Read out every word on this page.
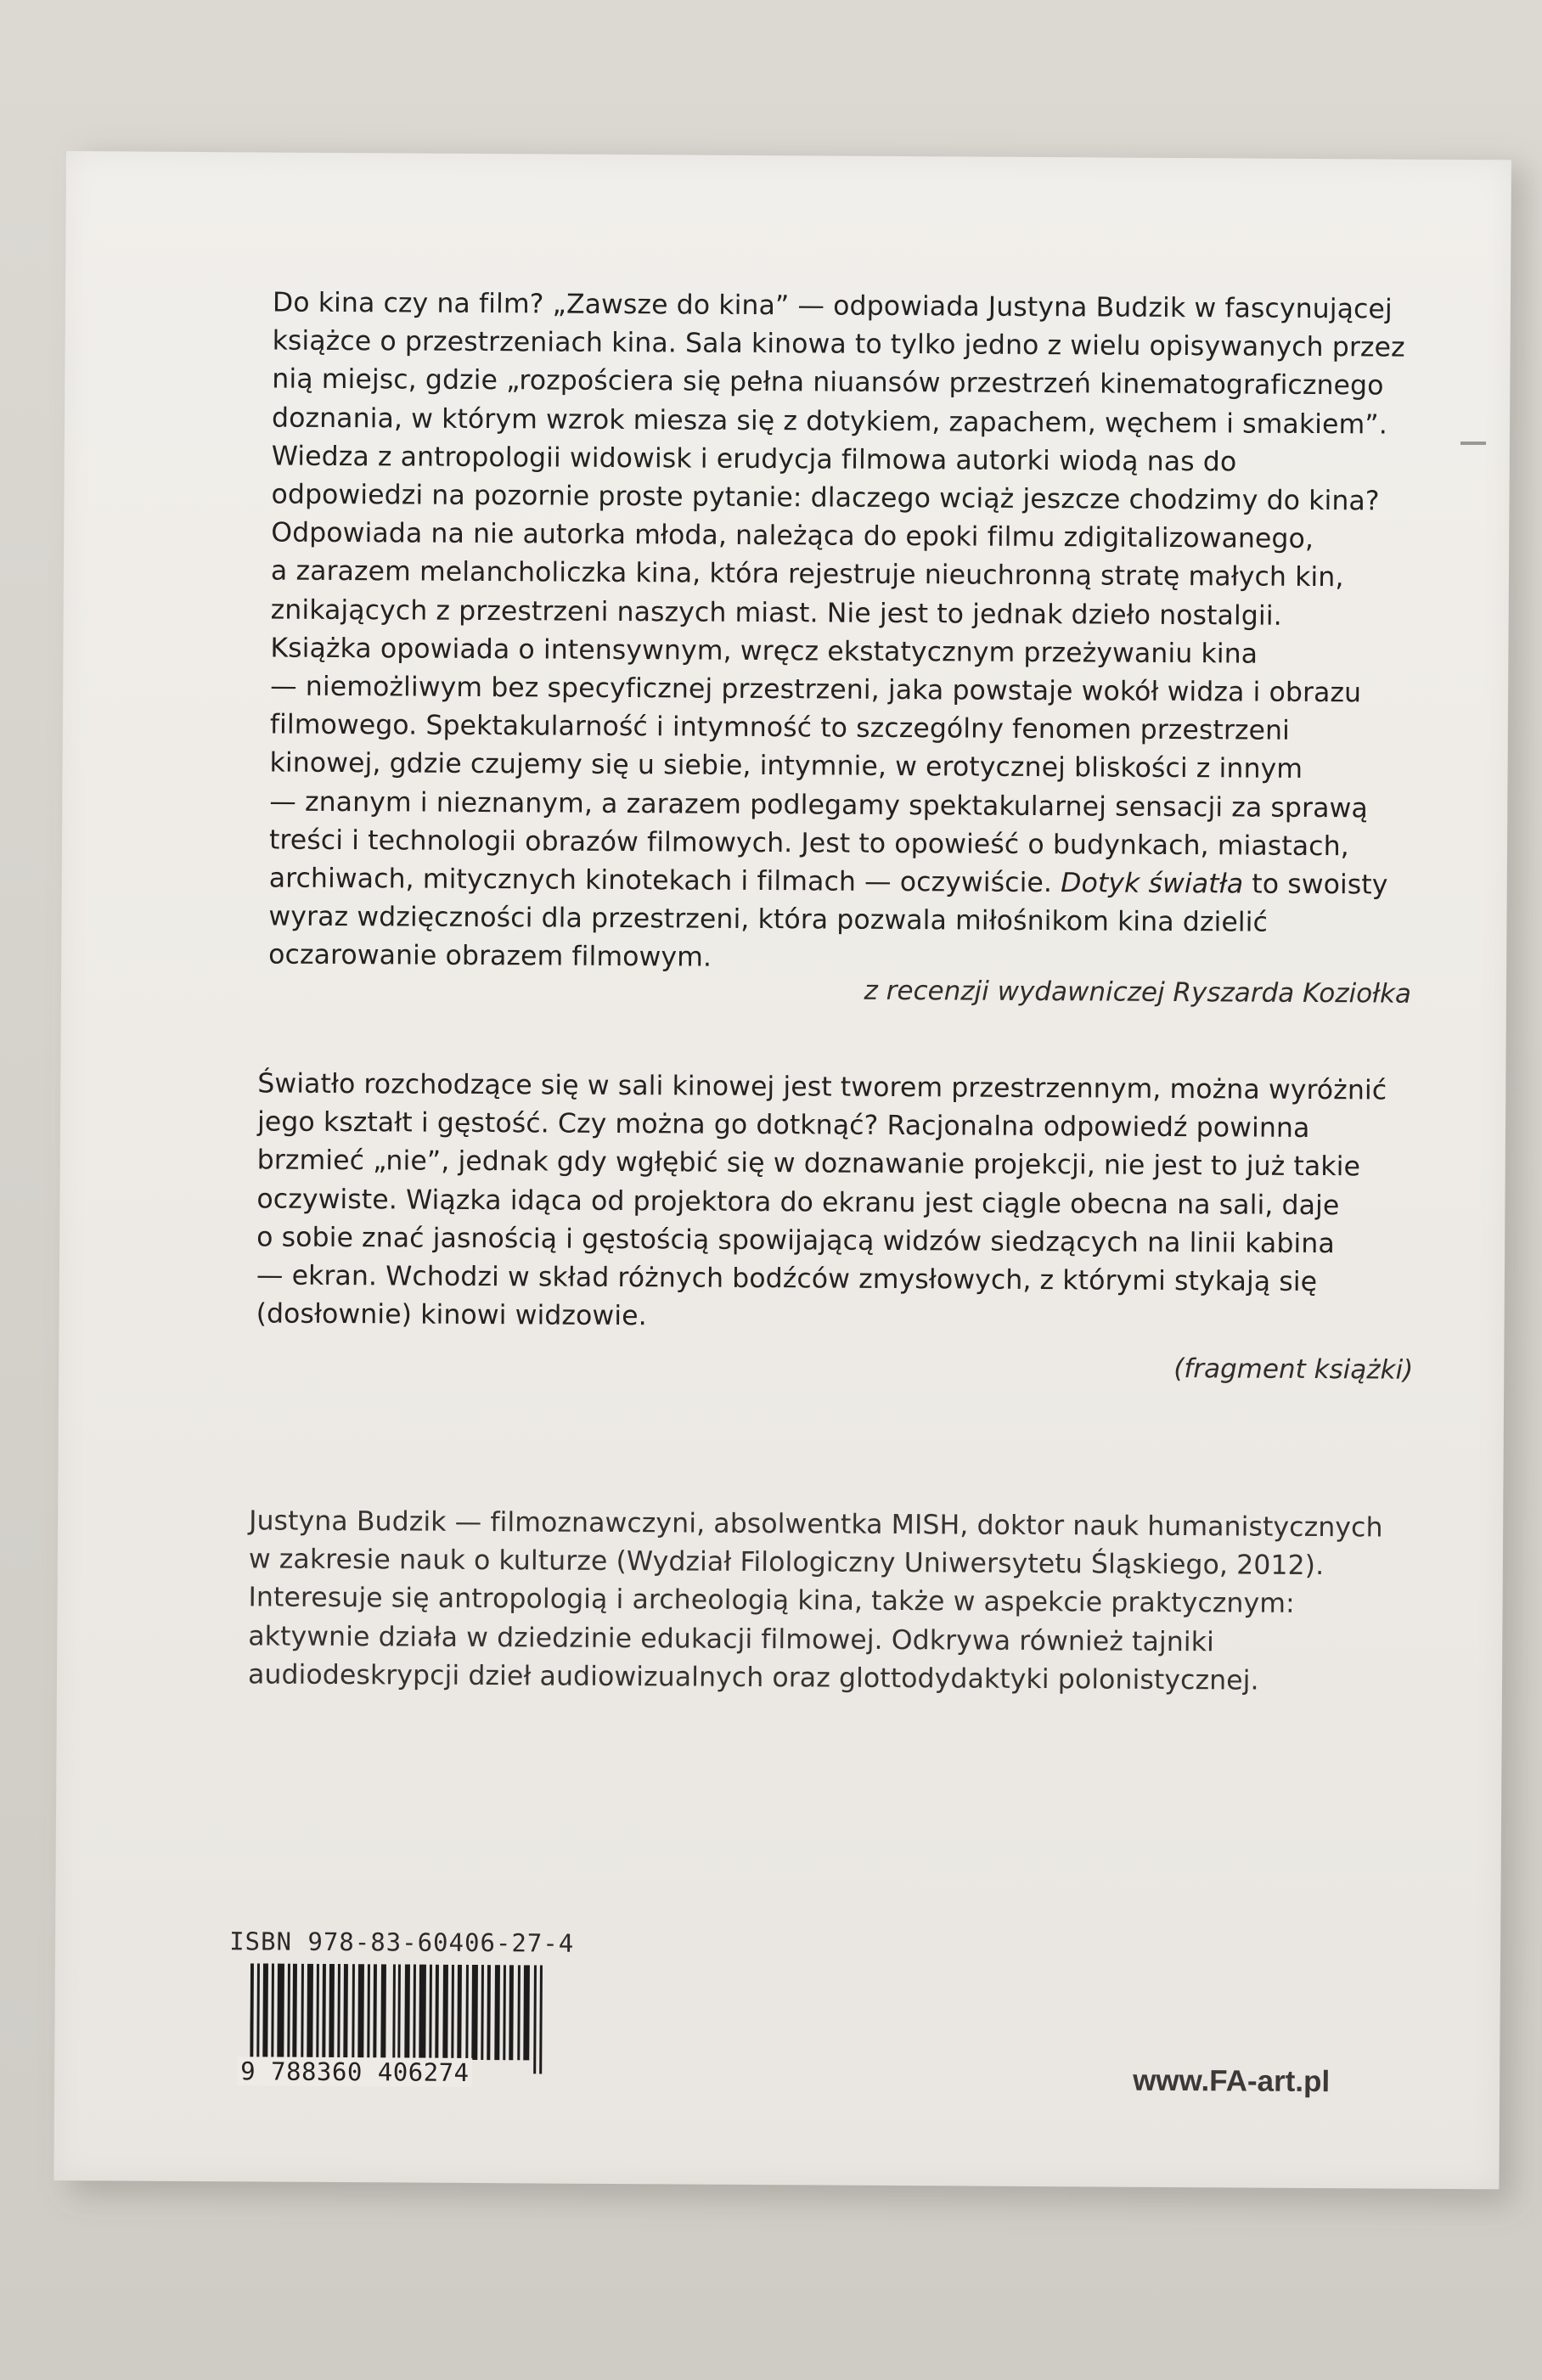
Do kina czy na film? „Zawsze do kina” — odpowiada Justyna Budzik w fascynującej
książce o przestrzeniach kina. Sala kinowa to tylko jedno z wielu opisywanych przez
nią miejsc, gdzie „rozpościera się pełna niuansów przestrzeń kinematograficznego
doznania, w którym wzrok miesza się z dotykiem, zapachem, węchem i smakiem”.
Wiedza z antropologii widowisk i erudycja filmowa autorki wiodą nas do
odpowiedzi na pozornie proste pytanie: dlaczego wciąż jeszcze chodzimy do kina?
Odpowiada na nie autorka młoda, należąca do epoki filmu zdigitalizowanego,
a zarazem melancholiczka kina, która rejestruje nieuchronną stratę małych kin,
znikających z przestrzeni naszych miast. Nie jest to jednak dzieło nostalgii.
Książka opowiada o intensywnym, wręcz ekstatycznym przeżywaniu kina
— niemożliwym bez specyficznej przestrzeni, jaka powstaje wokół widza i obrazu
filmowego. Spektakularność i intymność to szczególny fenomen przestrzeni
kinowej, gdzie czujemy się u siebie, intymnie, w erotycznej bliskości z innym
— znanym i nieznanym, a zarazem podlegamy spektakularnej sensacji za sprawą
treści i technologii obrazów filmowych. Jest to opowieść o budynkach, miastach,
archiwach, mitycznych kinotekach i filmach — oczywiście. Dotyk światła to swoisty
wyraz wdzięczności dla przestrzeni, która pozwala miłośnikom kina dzielić
oczarowanie obrazem filmowym.
z recenzji wydawniczej Ryszarda Koziołka
Światło rozchodzące się w sali kinowej jest tworem przestrzennym, można wyróżnić
jego kształt i gęstość. Czy można go dotknąć? Racjonalna odpowiedź powinna
brzmieć „nie”, jednak gdy wgłębić się w doznawanie projekcji, nie jest to już takie
oczywiste. Wiązka idąca od projektora do ekranu jest ciągle obecna na sali, daje
o sobie znać jasnością i gęstością spowijającą widzów siedzących na linii kabina
— ekran. Wchodzi w skład różnych bodźców zmysłowych, z którymi stykają się
(dosłownie) kinowi widzowie.
(fragment książki)
Justyna Budzik — filmoznawczyni, absolwentka MISH, doktor nauk humanistycznych
w zakresie nauk o kulturze (Wydział Filologiczny Uniwersytetu Śląskiego, 2012).
Interesuje się antropologią i archeologią kina, także w aspekcie praktycznym:
aktywnie działa w dziedzinie edukacji filmowej. Odkrywa również tajniki
audiodeskrypcji dzieł audiowizualnych oraz glottodydaktyki polonistycznej.
ISBN 978-83-60406-27-4
9 788360 406274	www.FA-art.pl
